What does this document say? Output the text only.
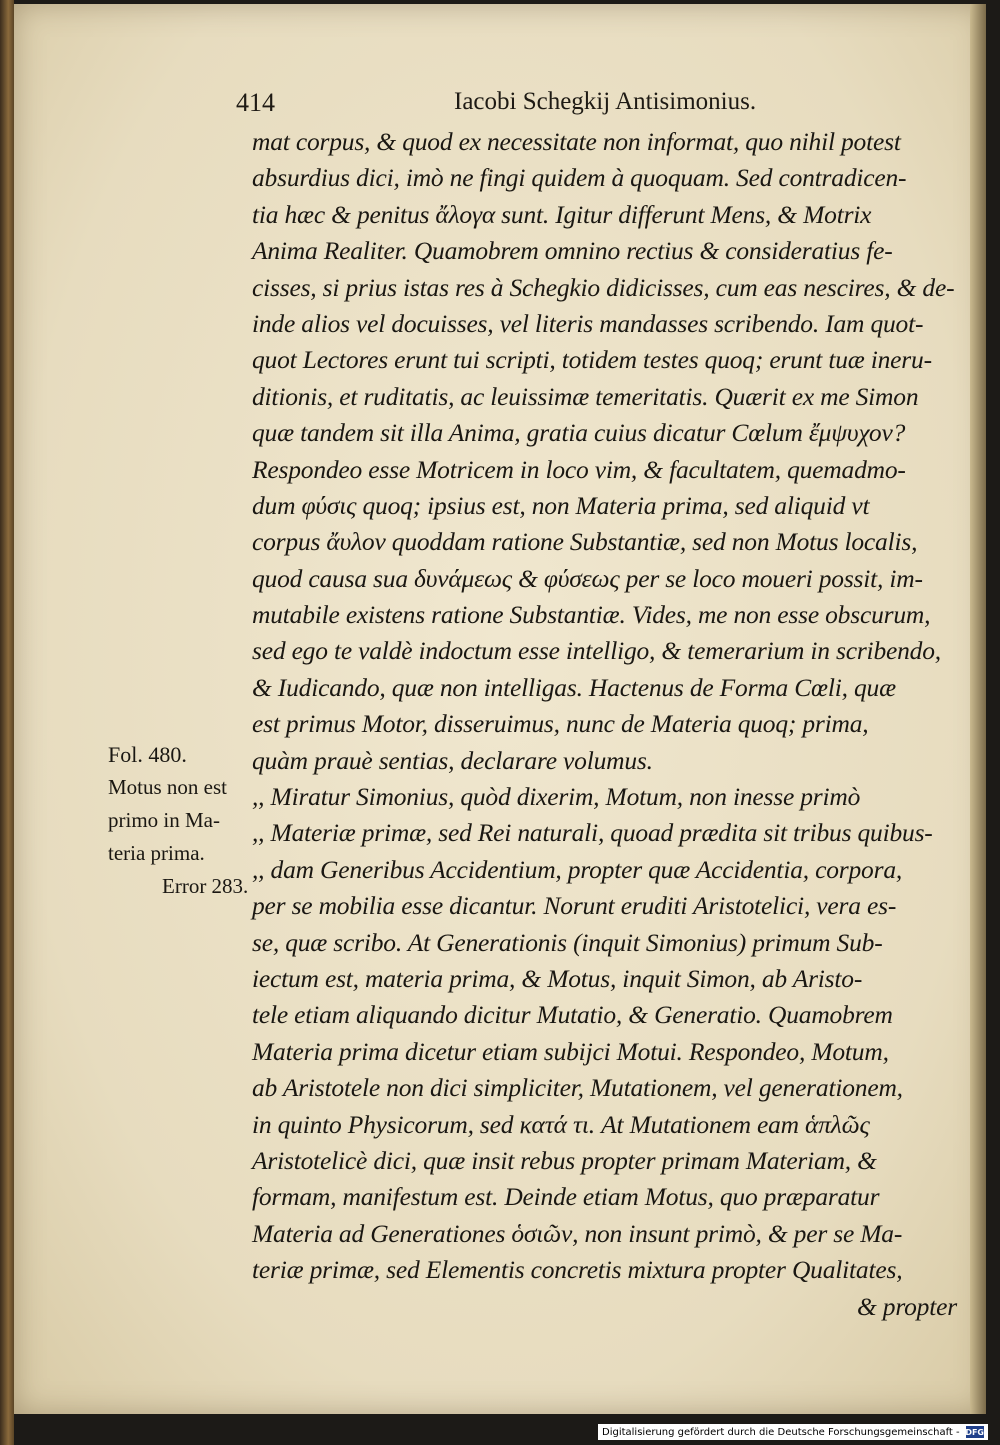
414	Iacobi Schegkij Antisimonius.
mat corpus, & quod ex necessitate non informat, quo nihil potest
absurdius dici, imò ne fingi quidem à quoquam. Sed contradicen-
tia hæc & penitus ἄλογα sunt. Igitur differunt Mens, & Motrix
Anima Realiter. Quamobrem omnino rectius & consideratius fe-
cisses, si prius istas res à Schegkio didicisses, cum eas nescires, & de-
inde alios vel docuisses, vel literis mandasses scribendo. Iam quot-
quot Lectores erunt tui scripti, totidem testes quoq; erunt tuæ ineru-
ditionis, et ruditatis, ac leuissimæ temeritatis. Quærit ex me Simon
quæ tandem sit illa Anima, gratia cuius dicatur Cœlum ἔμψυχον?
Respondeo esse Motricem in loco vim, & facultatem, quemadmo-
dum φύσις quoq; ipsius est, non Materia prima, sed aliquid vt
corpus ἄυλον quoddam ratione Substantiæ, sed non Motus localis,
quod causa sua δυνάμεως & φύσεως per se loco moueri possit, im-
mutabile existens ratione Substantiæ. Vides, me non esse obscurum,
sed ego te valdè indoctum esse intelligo, & temerarium in scribendo,
& Iudicando, quæ non intelligas. Hactenus de Forma Cœli, quæ
est primus Motor, disseruimus, nunc de Materia quoq; prima,
quàm prauè sentias, declarare volumus.
,, Miratur Simonius, quòd dixerim, Motum, non inesse primò
,, Materiæ primæ, sed Rei naturali, quoad prædita sit tribus quibus-
,, dam Generibus Accidentium, propter quæ Accidentia, corpora,
per se mobilia esse dicantur. Norunt eruditi Aristotelici, vera es-
se, quæ scribo. At Generationis (inquit Simonius) primum Sub-
iectum est, materia prima, & Motus, inquit Simon, ab Aristo-
tele etiam aliquando dicitur Mutatio, & Generatio. Quamobrem
Materia prima dicetur etiam subijci Motui. Respondeo, Motum,
ab Aristotele non dici simpliciter, Mutationem, vel generationem,
in quinto Physicorum, sed κατά τι. At Mutationem eam ἁπλῶς
Aristotelicè dici, quæ insit rebus propter primam Materiam, &
formam, manifestum est. Deinde etiam Motus, quo præparatur
Materia ad Generationes ὁσιῶν, non insunt primò, & per se Ma-
teriæ primæ, sed Elementis concretis mixtura propter Qualitates,
& propter
Fol. 480.
Motus non est
primo in Ma-
teria prima.
Error 283.
Digitalisierung gefördert durch die Deutsche Forschungsgemeinschaft - DFG
